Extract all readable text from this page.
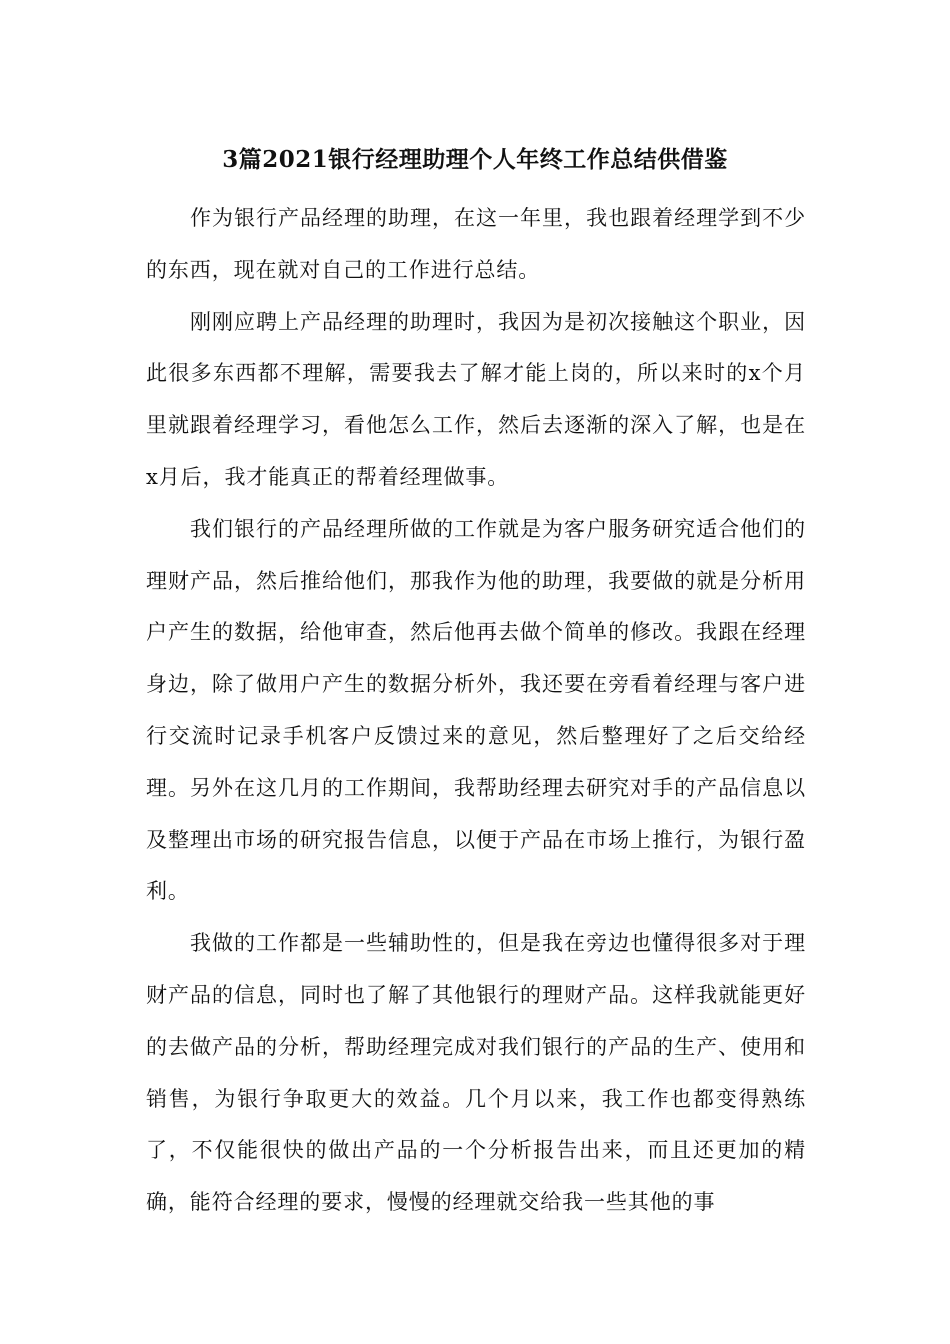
3篇2021银行经理助理个人年终工作总结供借鉴

作为银行产品经理的助理，在这一年里，我也跟着经理学到不少的东西，现在就对自己的工作进行总结。

刚刚应聘上产品经理的助理时，我因为是初次接触这个职业，因此很多东西都不理解，需要我去了解才能上岗的，所以来时的x个月里就跟着经理学习，看他怎么工作，然后去逐渐的深入了解，也是在x月后，我才能真正的帮着经理做事。

我们银行的产品经理所做的工作就是为客户服务研究适合他们的理财产品，然后推给他们，那我作为他的助理，我要做的就是分析用户产生的数据，给他审查，然后他再去做个简单的修改。我跟在经理身边，除了做用户产生的数据分析外，我还要在旁看着经理与客户进行交流时记录手机客户反馈过来的意见，然后整理好了之后交给经理。另外在这几月的工作期间，我帮助经理去研究对手的产品信息以及整理出市场的研究报告信息，以便于产品在市场上推行，为银行盈利。

我做的工作都是一些辅助性的，但是我在旁边也懂得很多对于理财产品的信息，同时也了解了其他银行的理财产品。这样我就能更好的去做产品的分析，帮助经理完成对我们银行的产品的生产、使用和销售，为银行争取更大的效益。几个月以来，我工作也都变得熟练了，不仅能很快的做出产品的一个分析报告出来，而且还更加的精确，能符合经理的要求，慢慢的经理就交给我一些其他的事
